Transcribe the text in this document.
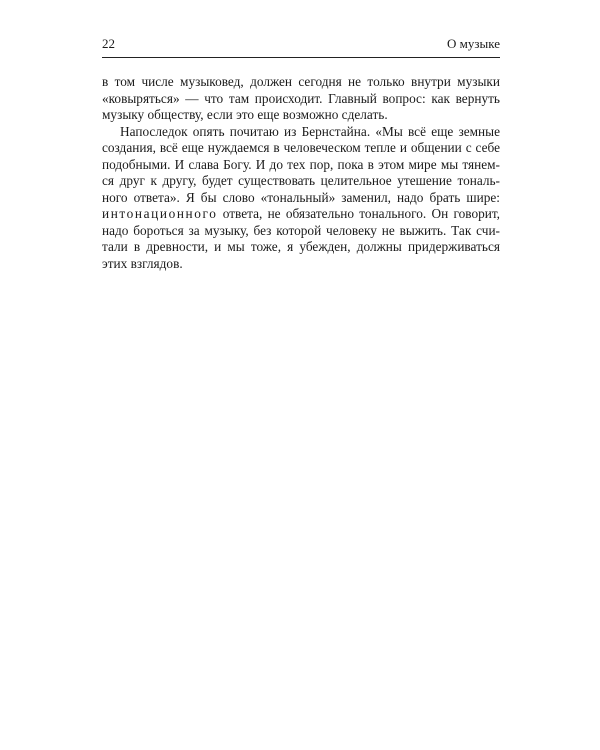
22	О музыке
в том числе музыковед, должен сегодня не только внутри музыки
«ковыряться» — что там происходит. Главный вопрос: как вернуть
музыку обществу, если это еще возможно сделать.
Напоследок опять почитаю из Бернстайна. «Мы всё еще земные
создания, всё еще нуждаемся в человеческом тепле и общении с себе
подобными. И слава Богу. И до тех пор, пока в этом мире мы тянем-
ся друг к другу, будет существовать целительное утешение тональ-
ного ответа». Я бы слово «тональный» заменил, надо брать шире:
интонационного ответа, не обязательно тонального. Он говорит,
надо бороться за музыку, без которой человеку не выжить. Так счи-
тали в древности, и мы тоже, я убежден, должны придерживаться
этих взглядов.
